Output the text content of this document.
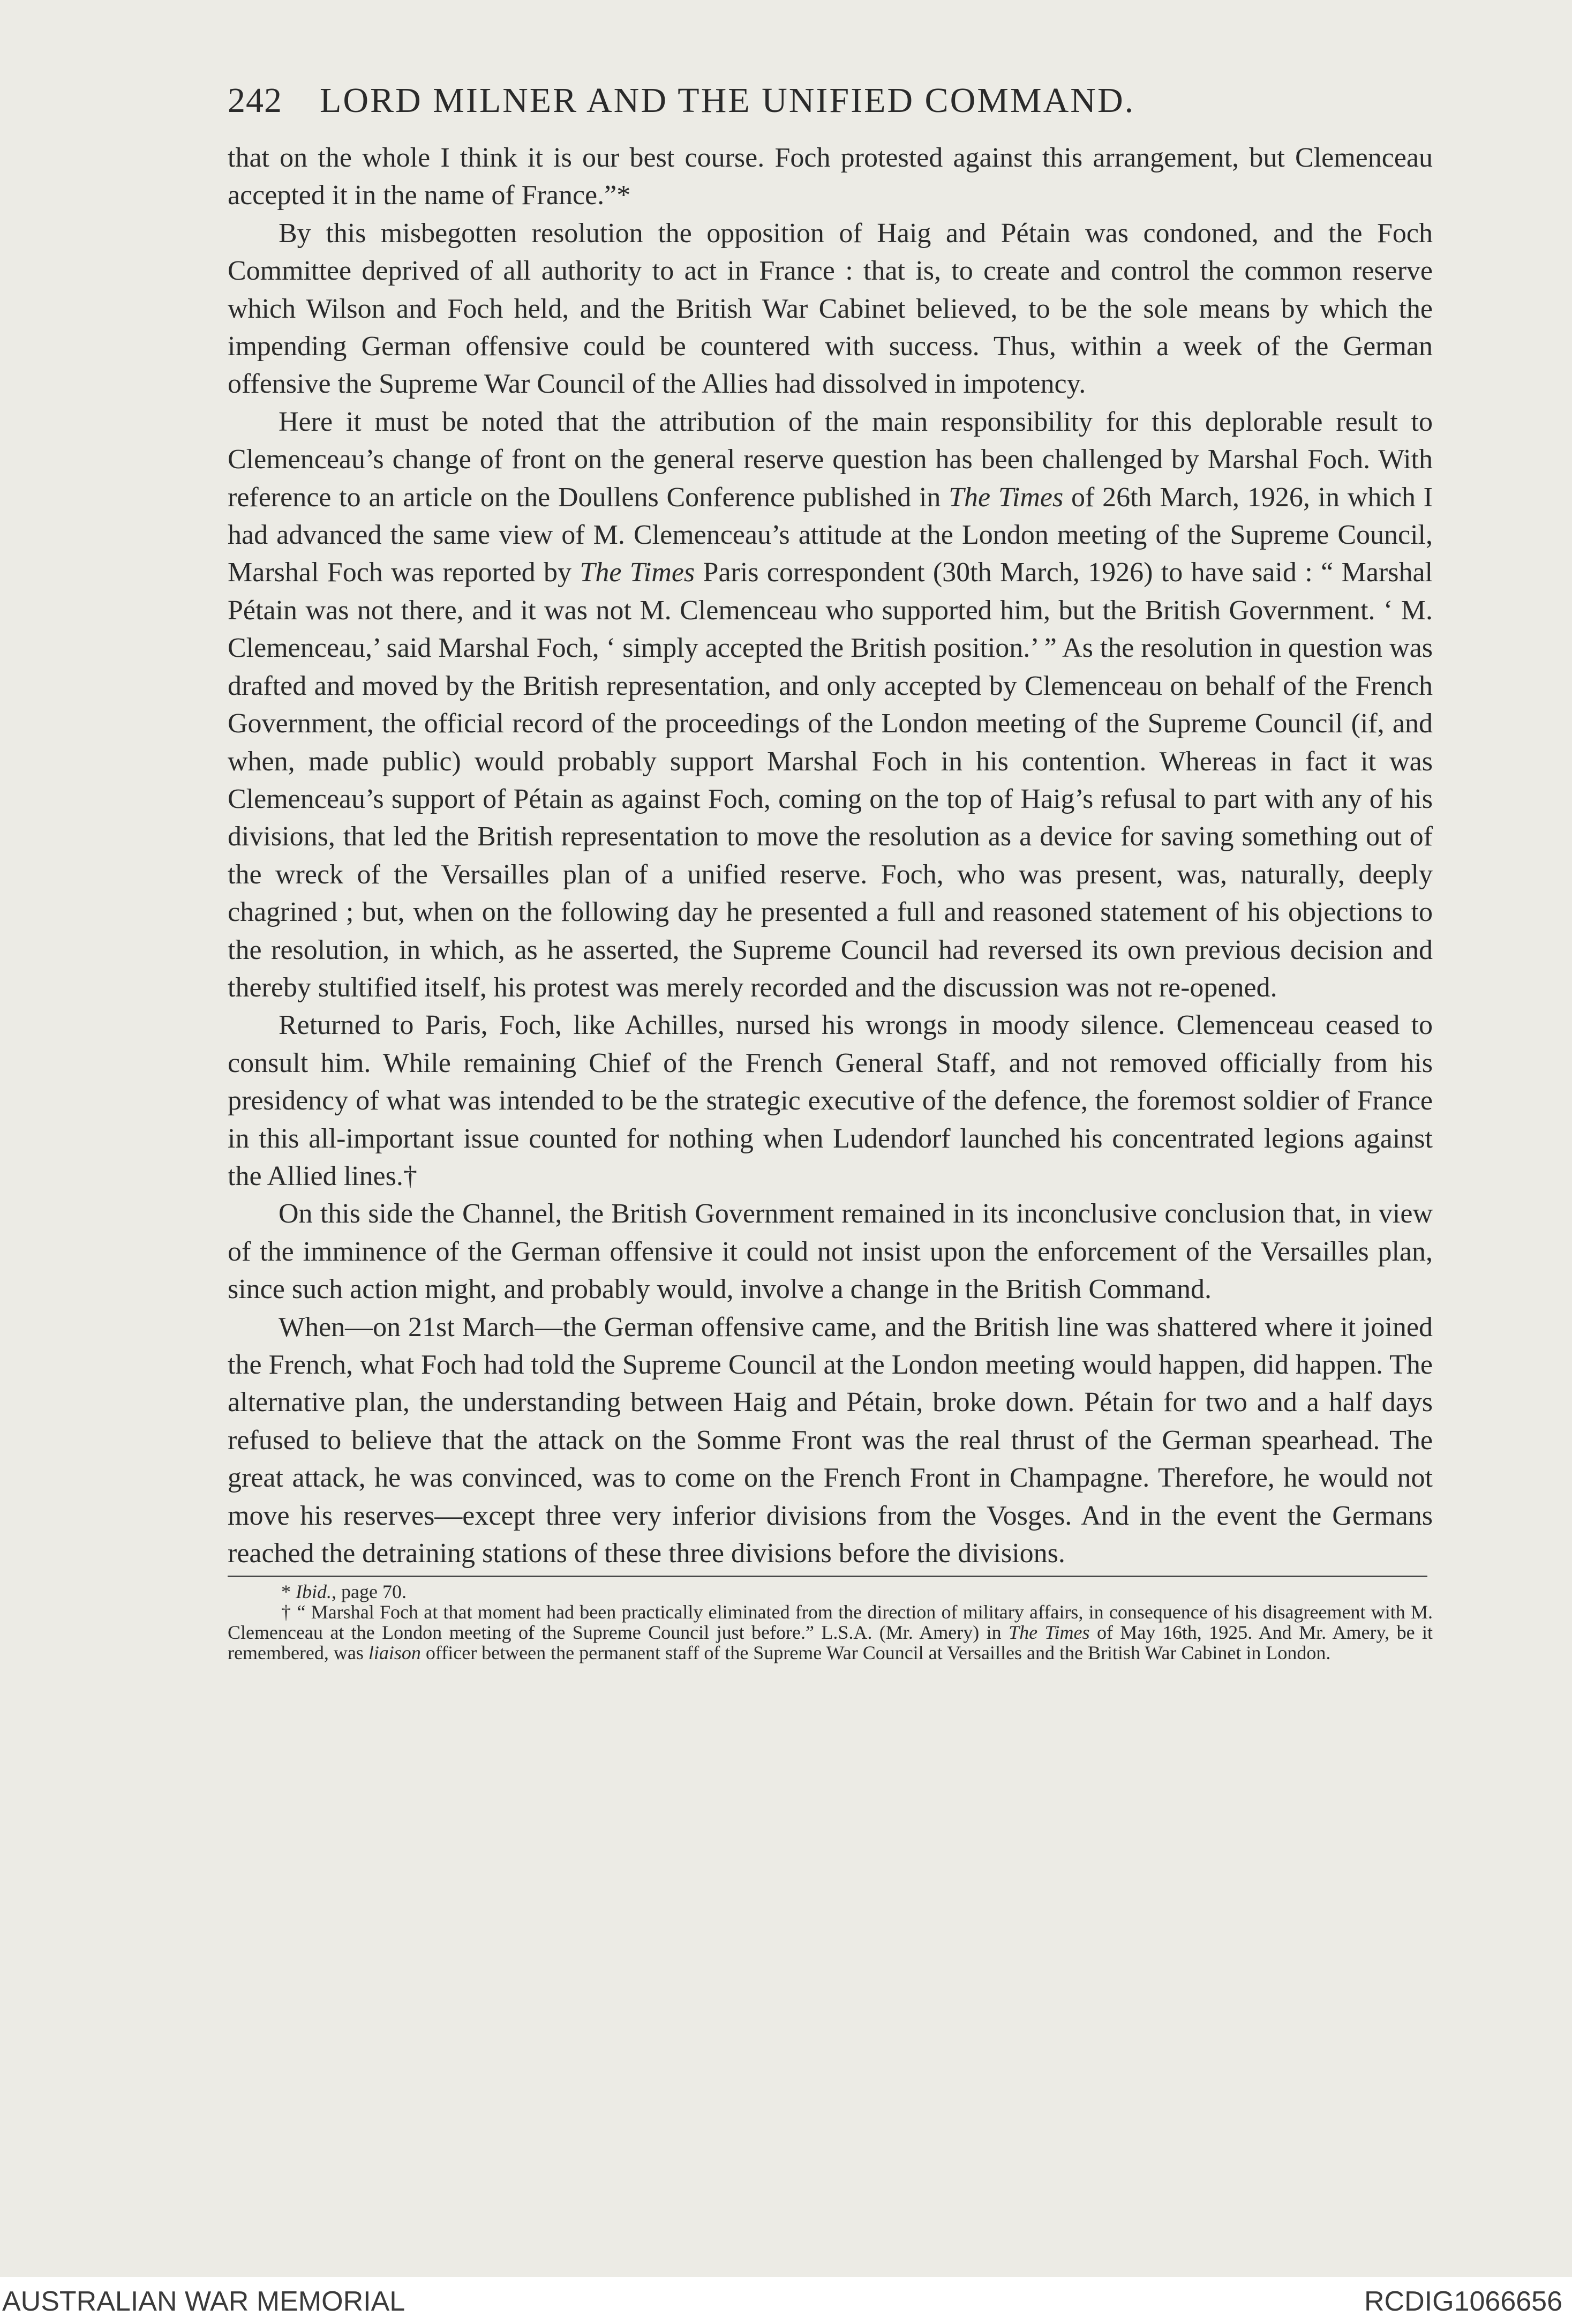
242 LORD MILNER AND THE UNIFIED COMMAND.

that on the whole I think it is our best course. Foch protested against this arrangement, but Clemenceau accepted it in the name of France.”*

By this misbegotten resolution the opposition of Haig and Pétain was condoned, and the Foch Committee deprived of all authority to act in France : that is, to create and control the common reserve which Wilson and Foch held, and the British War Cabinet believed, to be the sole means by which the impending German offensive could be countered with success. Thus, within a week of the German offensive the Supreme War Council of the Allies had dissolved in impotency.

Here it must be noted that the attribution of the main responsibility for this deplorable result to Clemenceau’s change of front on the general reserve question has been challenged by Marshal Foch. With reference to an article on the Doullens Conference published in The Times of 26th March, 1926, in which I had advanced the same view of M. Clemenceau’s attitude at the London meeting of the Supreme Council, Marshal Foch was reported by The Times Paris correspondent (30th March, 1926) to have said : “ Marshal Pétain was not there, and it was not M. Clemenceau who supported him, but the British Government. ‘ M. Clemenceau,’ said Marshal Foch, ‘ simply accepted the British position.’ ” As the resolution in question was drafted and moved by the British representation, and only accepted by Clemenceau on behalf of the French Government, the official record of the proceedings of the London meeting of the Supreme Council (if, and when, made public) would probably support Marshal Foch in his contention. Whereas in fact it was Clemenceau’s support of Pétain as against Foch, coming on the top of Haig’s refusal to part with any of his divisions, that led the British representation to move the resolution as a device for saving something out of the wreck of the Versailles plan of a unified reserve. Foch, who was present, was, naturally, deeply chagrined ; but, when on the following day he presented a full and reasoned statement of his objections to the resolution, in which, as he asserted, the Supreme Council had reversed its own previous decision and thereby stultified itself, his protest was merely recorded and the discussion was not re-opened.

Returned to Paris, Foch, like Achilles, nursed his wrongs in moody silence. Clemenceau ceased to consult him. While remaining Chief of the French General Staff, and not removed officially from his presidency of what was intended to be the strategic executive of the defence, the foremost soldier of France in this all-important issue counted for nothing when Ludendorf launched his concentrated legions against the Allied lines.†

On this side the Channel, the British Government remained in its inconclusive conclusion that, in view of the imminence of the German offensive it could not insist upon the enforcement of the Versailles plan, since such action might, and probably would, involve a change in the British Command.

When—on 21st March—the German offensive came, and the British line was shattered where it joined the French, what Foch had told the Supreme Council at the London meeting would happen, did happen. The alternative plan, the understanding between Haig and Pétain, broke down. Pétain for two and a half days refused to believe that the attack on the Somme Front was the real thrust of the German spearhead. The great attack, he was convinced, was to come on the French Front in Champagne. Therefore, he would not move his reserves—except three very inferior divisions from the Vosges. And in the event the Germans reached the detraining stations of these three divisions before the divisions.

* Ibid., page 70.

† “ Marshal Foch at that moment had been practically eliminated from the direction of military affairs, in consequence of his disagreement with M. Clemenceau at the London meeting of the Supreme Council just before.” L.S.A. (Mr. Amery) in The Times of May 16th, 1925. And Mr. Amery, be it remembered, was liaison officer between the permanent staff of the Supreme War Council at Versailles and the British War Cabinet in London.

AUSTRALIAN WAR MEMORIAL	RCDIG1066656
